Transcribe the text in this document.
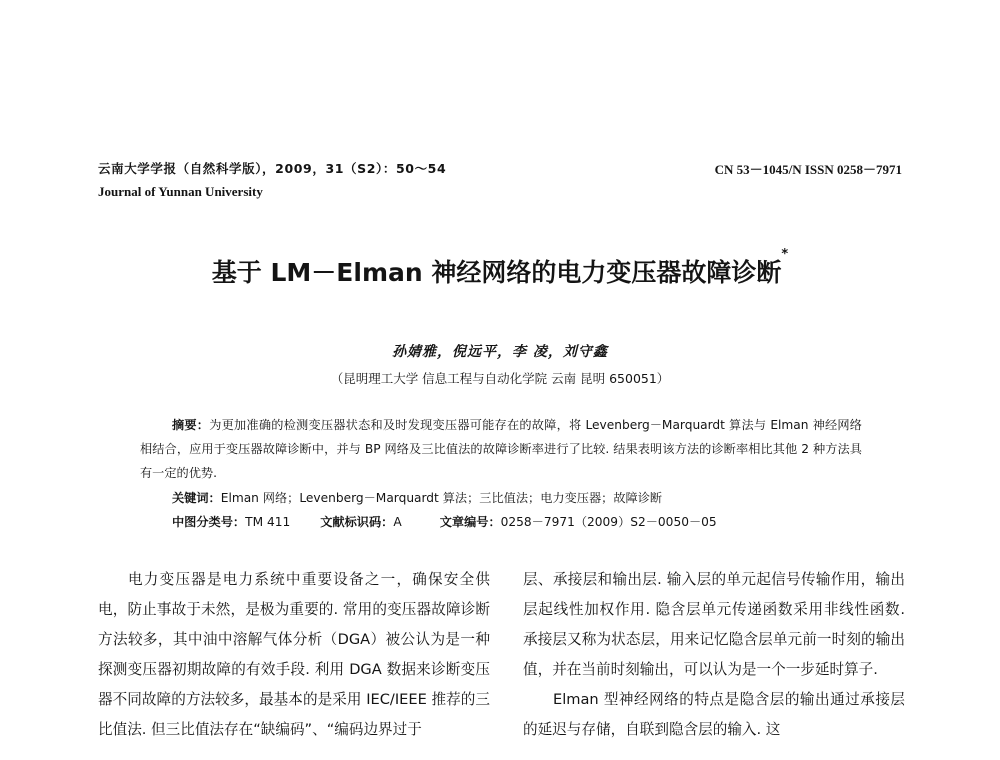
云南大学学报（自然科学版），2009，31（S2）：50～54
Journal of Yunnan University
CN 53－1045/N ISSN 0258－7971
基于 LM－Elman 神经网络的电力变压器故障诊断*
孙婧雅，倪远平，李 凌，刘守鑫
（昆明理工大学 信息工程与自动化学院 云南 昆明 650051）
摘要：为更加准确的检测变压器状态和及时发现变压器可能存在的故障，将 Levenberg－Marquardt 算法与 Elman 神经网络相结合，应用于变压器故障诊断中，并与 BP 网络及三比值法的故障诊断率进行了比较. 结果表明该方法的诊断率相比其他 2 种方法具有一定的优势.
关键词：Elman 网络；Levenberg－Marquardt 算法；三比值法；电力变压器；故障诊断
中图分类号：TM 411 文献标识码：A	文章编号：0258－7971（2009）S2－0050－05

电力变压器是电力系统中重要设备之一，确保安全供电，防止事故于未然，是极为重要的. 常用的变压器故障诊断方法较多，其中油中溶解气体分析（DGA）被公认为是一种探测变压器初期故障的有效手段. 利用 DGA 数据来诊断变压器不同故障的方法较多，最基本的是采用 IEC/IEEE 推荐的三比值法. 但三比值法存在“缺编码”、“编码边界过于

层、承接层和输出层. 输入层的单元起信号传输作用，输出层起线性加权作用. 隐含层单元传递函数采用非线性函数. 承接层又称为状态层，用来记忆隐含层单元前一时刻的输出值，并在当前时刻输出，可以认为是一个一步延时算子.

Elman 型神经网络的特点是隐含层的输出通过承接层的延迟与存储，自联到隐含层的输入. 这
